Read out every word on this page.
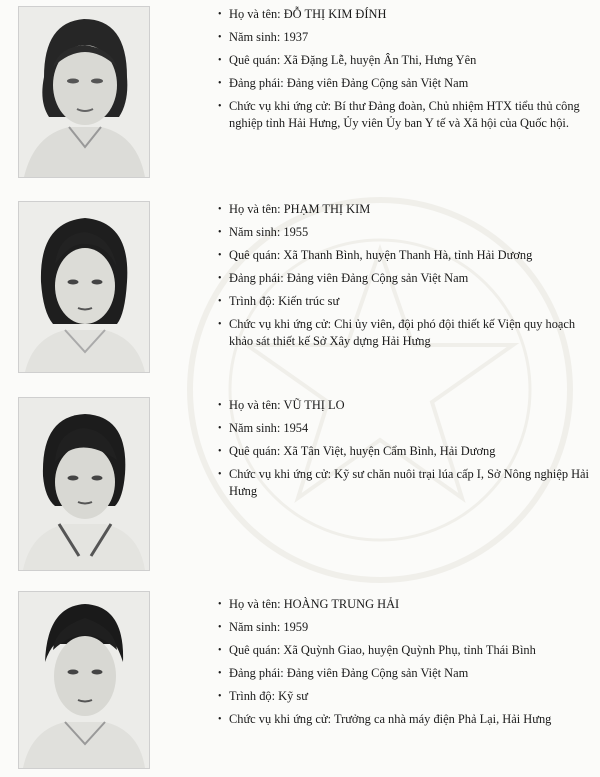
• Họ và tên: ĐỖ THỊ KIM ĐÍNH
• Năm sinh: 1937
• Quê quán: Xã Đặng Lễ, huyện Ân Thi, Hưng Yên
• Đảng phái: Đảng viên Đảng Cộng sản Việt Nam
• Chức vụ khi ứng cử: Bí thư Đảng đoàn, Chủ nhiệm HTX tiểu thủ công nghiệp tỉnh Hải Hưng, Ủy viên Ủy ban Y tế và Xã hội của Quốc hội.
• Họ và tên: PHẠM THỊ KIM
• Năm sinh: 1955
• Quê quán: Xã Thanh Bình, huyện Thanh Hà, tỉnh Hải Dương
• Đảng phái: Đảng viên Đảng Cộng sản Việt Nam
• Trình độ: Kiến trúc sư
• Chức vụ khi ứng cử: Chi ủy viên, đội phó đội thiết kế Viện quy hoạch khảo sát thiết kế Sở Xây dựng Hải Hưng
• Họ và tên: VŨ THỊ LO
• Năm sinh: 1954
• Quê quán: Xã Tân Việt, huyện Cẩm Bình, Hải Dương
• Chức vụ khi ứng cử: Kỹ sư chăn nuôi trại lúa cấp I, Sở Nông nghiệp Hải Hưng
• Họ và tên: HOÀNG TRUNG HẢI
• Năm sinh: 1959
• Quê quán: Xã Quỳnh Giao, huyện Quỳnh Phụ, tỉnh Thái Bình
• Đảng phái: Đảng viên Đảng Cộng sản Việt Nam
• Trình độ: Kỹ sư
• Chức vụ khi ứng cử: Trưởng ca nhà máy điện Phả Lại, Hải Hưng
